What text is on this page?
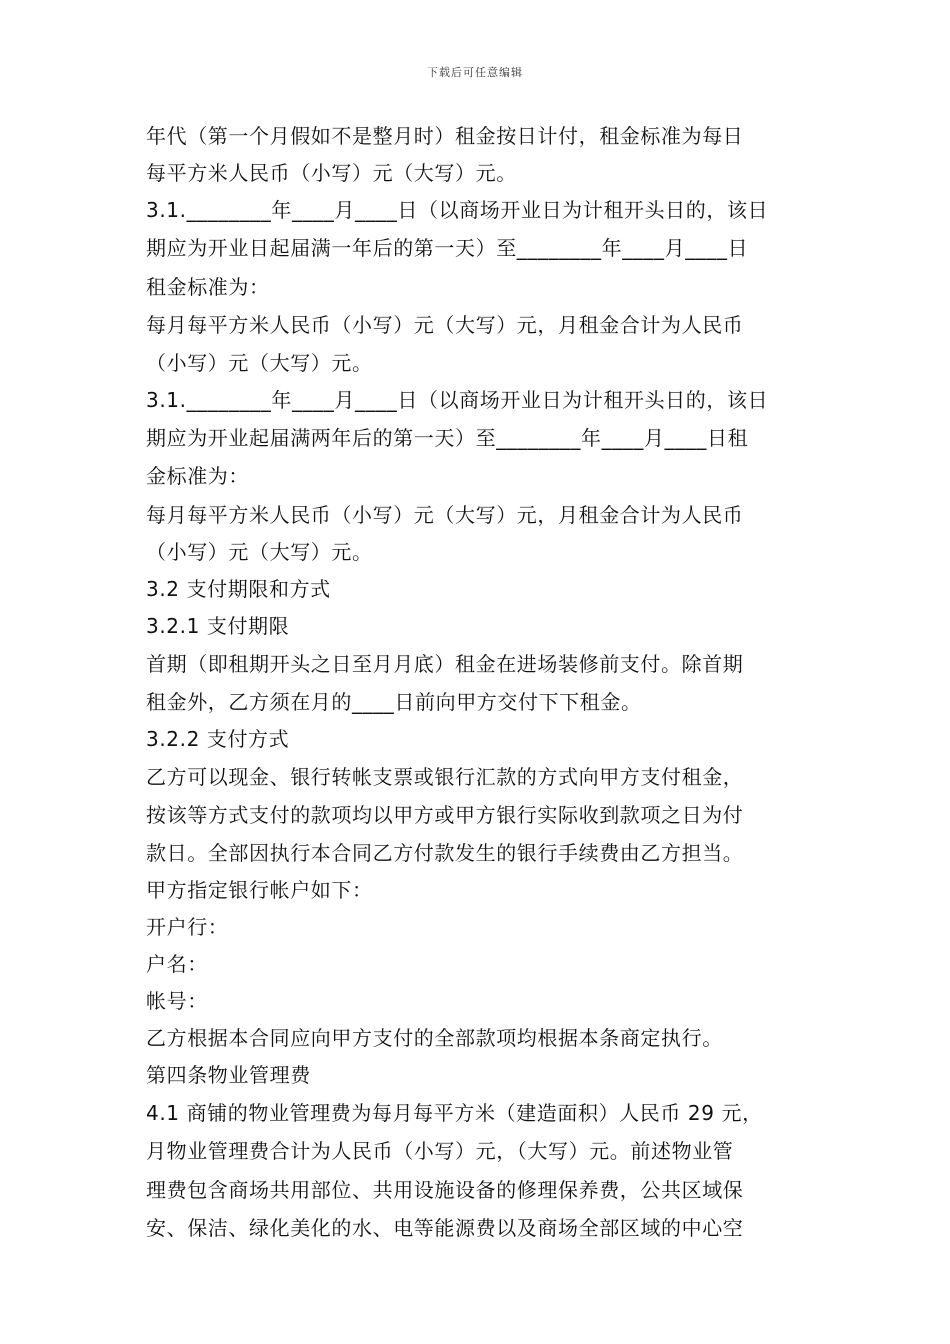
下载后可任意编辑
年代（第一个月假如不是整月时）租金按日计付，租金标准为每日
每平方米人民币（小写）元（大写）元。
3.1.________年____月____日（以商场开业日为计租开头日的，该日
期应为开业日起届满一年后的第一天）至________年____月____日
租金标准为：
每月每平方米人民币（小写）元（大写）元，月租金合计为人民币
（小写）元（大写）元。
3.1.________年____月____日（以商场开业日为计租开头日的，该日
期应为开业起届满两年后的第一天）至________年____月____日租
金标准为：
每月每平方米人民币（小写）元（大写）元，月租金合计为人民币
（小写）元（大写）元。
3.2 支付期限和方式
3.2.1 支付期限
首期（即租期开头之日至月月底）租金在进场装修前支付。除首期
租金外，乙方须在月的____日前向甲方交付下下租金。
3.2.2 支付方式
乙方可以现金、银行转帐支票或银行汇款的方式向甲方支付租金，
按该等方式支付的款项均以甲方或甲方银行实际收到款项之日为付
款日。全部因执行本合同乙方付款发生的银行手续费由乙方担当。
甲方指定银行帐户如下：
开户行：
户名：
帐号：
乙方根据本合同应向甲方支付的全部款项均根据本条商定执行。
第四条物业管理费
4.1 商铺的物业管理费为每月每平方米（建造面积）人民币 29 元，
月物业管理费合计为人民币（小写）元，（大写）元。前述物业管
理费包含商场共用部位、共用设施设备的修理保养费，公共区域保
安、保洁、绿化美化的水、电等能源费以及商场全部区域的中心空
